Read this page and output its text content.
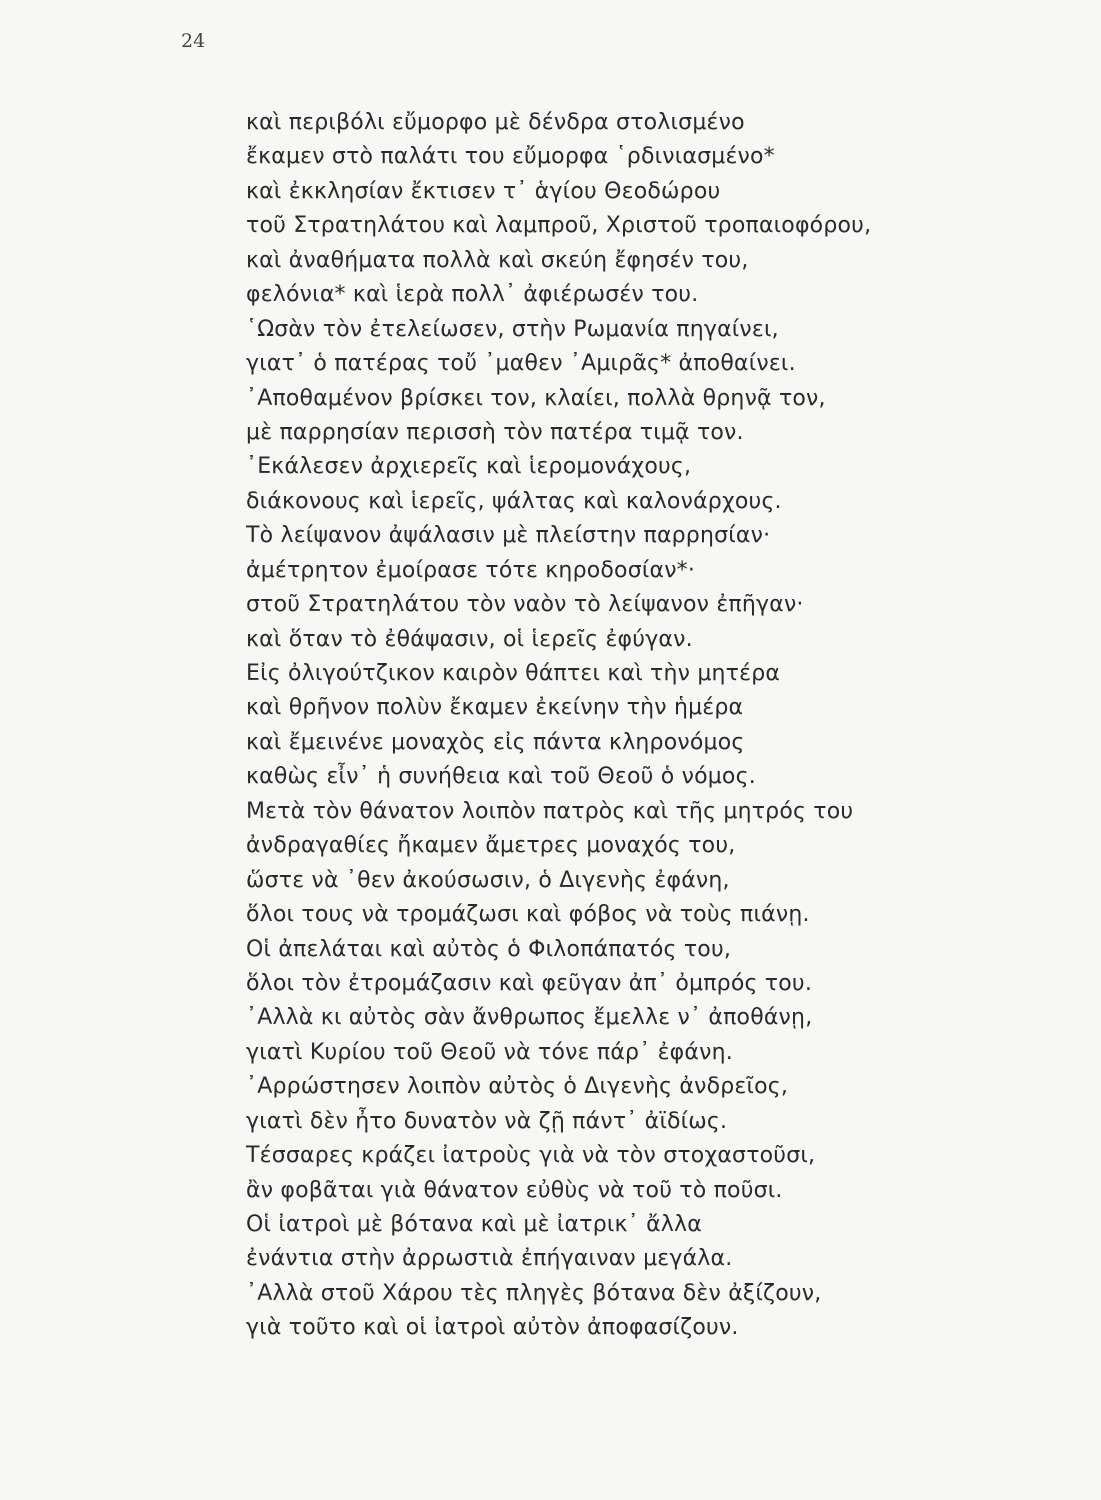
24
καὶ περιβόλι εὔμορφο μὲ δένδρα στολισμένο
ἔκαμεν στὸ παλάτι του εὔμορφα ῾ρδινιασμένο*
καὶ ἐκκλησίαν ἔκτισεν τ᾿ ἁγίου Θεοδώρου
τοῦ Στρατηλάτου καὶ λαμπροῦ, Χριστοῦ τροπαιοφόρου,
καὶ ἀναθήματα πολλὰ καὶ σκεύη ἔφησέν του,
φελόνια* καὶ ἱερὰ πολλ᾿ ἀφιέρωσέν του.
῾Ωσὰν τὸν ἐτελείωσεν, στὴν Ρωμανία πηγαίνει,
γιατ᾿ ὁ πατέρας τοὔ ᾿μαθεν ᾿Αμιρᾶς* ἀποθαίνει.
᾿Αποθαμένον βρίσκει τον, κλαίει, πολλὰ θρηνᾷ τον,
μὲ παρρησίαν περισσὴ τὸν πατέρα τιμᾷ τον.
᾿Εκάλεσεν ἀρχιερεῖς καὶ ἱερομονάχους,
διάκονους καὶ ἱερεῖς, ψάλτας καὶ καλονάρχους.
Τὸ λείψανον ἀψάλασιν μὲ πλείστην παρρησίαν·
ἀμέτρητον ἐμοίρασε τότε κηροδοσίαν*·
στοῦ Στρατηλάτου τὸν ναὸν τὸ λείψανον ἐπῆγαν·
καὶ ὅταν τὸ ἐθάψασιν, οἱ ἱερεῖς ἐφύγαν.
Εἰς ὀλιγούτζικον καιρὸν θάπτει καὶ τὴν μητέρα
καὶ θρῆνον πολὺν ἔκαμεν ἐκείνην τὴν ἡμέρα
καὶ ἔμεινένε μοναχὸς εἰς πάντα κληρονόμος
καθὼς εἶν᾿ ἡ συνήθεια καὶ τοῦ Θεοῦ ὁ νόμος.
Μετὰ τὸν θάνατον λοιπὸν πατρὸς καὶ τῆς μητρός του
ἀνδραγαθίες ἤκαμεν ἄμετρες μοναχός του,
ὥστε νὰ ᾿θεν ἀκούσωσιν, ὁ Διγενὴς ἐφάνη,
ὅλοι τους νὰ τρομάζωσι καὶ φόβος νὰ τοὺς πιάνῃ.
Οἱ ἀπελάται καὶ αὐτὸς ὁ Φιλοπάπατός του,
ὅλοι τὸν ἐτρομάζασιν καὶ φεῦγαν ἀπ᾿ ὀμπρός του.
᾿Αλλὰ κι αὐτὸς σὰν ἄνθρωπος ἔμελλε ν᾿ ἀποθάνῃ,
γιατὶ Κυρίου τοῦ Θεοῦ νὰ τόνε πάρ᾿ ἐφάνη.
᾿Αρρώστησεν λοιπὸν αὐτὸς ὁ Διγενὴς ἀνδρεῖος,
γιατὶ δὲν ἦτο δυνατὸν νὰ ζῇ πάντ᾿ ἀϊδίως.
Τέσσαρες κράζει ἰατροὺς γιὰ νὰ τὸν στοχαστοῦσι,
ἂν φοβᾶται γιὰ θάνατον εὐθὺς νὰ τοῦ τὸ ποῦσι.
Οἱ ἰατροὶ μὲ βότανα καὶ μὲ ἰατρικ᾿ ἄλλα
ἐνάντια στὴν ἀρρωστιὰ ἐπήγαιναν μεγάλα.
᾿Αλλὰ στοῦ Χάρου τὲς πληγὲς βότανα δὲν ἀξίζουν,
γιὰ τοῦτο καὶ οἱ ἰατροὶ αὐτὸν ἀποφασίζουν.
